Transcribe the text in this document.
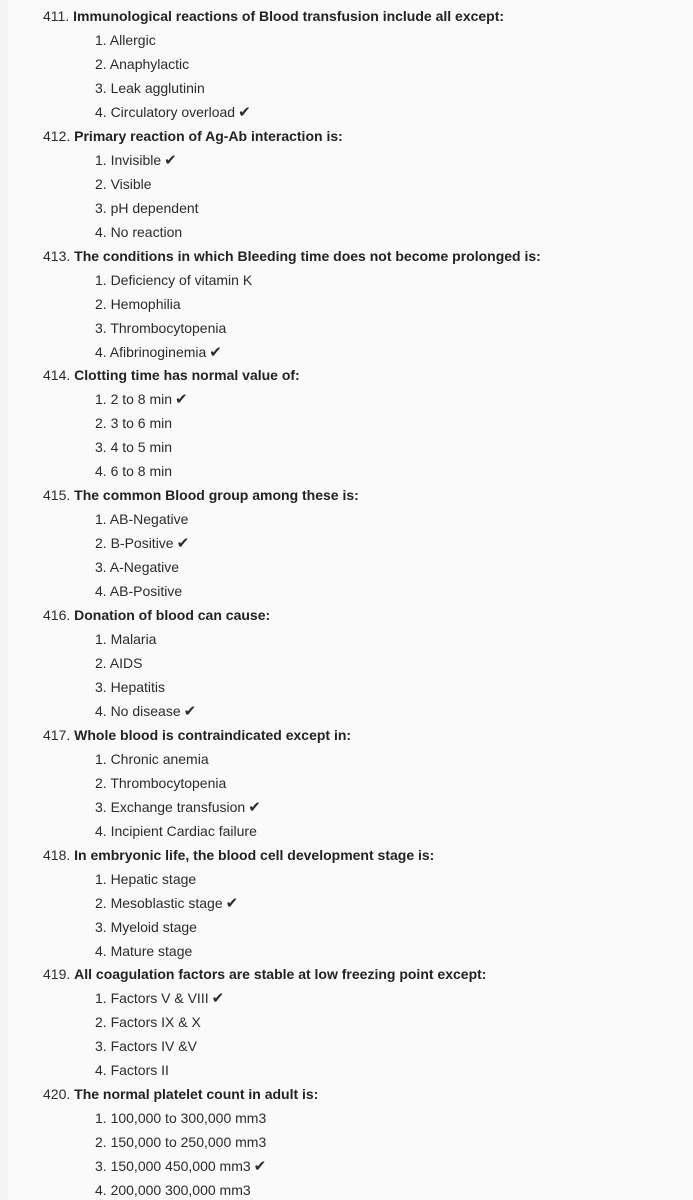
411. Immunological reactions of Blood transfusion include all except:
1. Allergic
2. Anaphylactic
3. Leak agglutinin
4. Circulatory overload ✔
412. Primary reaction of Ag-Ab interaction is:
1. Invisible ✔
2. Visible
3. pH dependent
4. No reaction
413. The conditions in which Bleeding time does not become prolonged is:
1. Deficiency of vitamin K
2. Hemophilia
3. Thrombocytopenia
4. Afibrinoginemia ✔
414. Clotting time has normal value of:
1. 2 to 8 min ✔
2. 3 to 6 min
3. 4 to 5 min
4. 6 to 8 min
415. The common Blood group among these is:
1. AB-Negative
2. B-Positive ✔
3. A-Negative
4. AB-Positive
416. Donation of blood can cause:
1. Malaria
2. AIDS
3. Hepatitis
4. No disease ✔
417. Whole blood is contraindicated except in:
1. Chronic anemia
2. Thrombocytopenia
3. Exchange transfusion ✔
4. Incipient Cardiac failure
418. In embryonic life, the blood cell development stage is:
1. Hepatic stage
2. Mesoblastic stage ✔
3. Myeloid stage
4. Mature stage
419. All coagulation factors are stable at low freezing point except:
1. Factors V & VIII ✔
2. Factors IX & X
3. Factors IV &V
4. Factors II
420. The normal platelet count in adult is:
1. 100,000 to 300,000 mm3
2. 150,000 to 250,000 mm3
3. 150,000 450,000 mm3 ✔
4. 200,000 300,000 mm3
